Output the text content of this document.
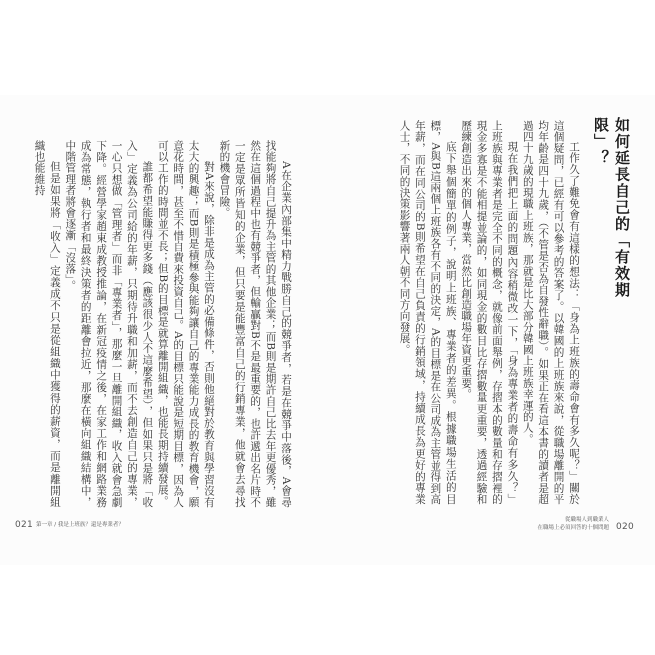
A在企業內部集中精力戰勝自己的競爭者，若是在競爭中落後，A會尋找能夠將自己提升為主管的其他企業；而B則是期許自己比去年更優秀，雖然在這個過程中也有競爭者，但輸贏對B不是最重要的，也許遞出名片時不一定是眾所皆知的企業，但只要是能豐富自己的行銷專業，他就會去尋找新的機會冒險。

對A來說，除非是成為主管的必備條件，否則他絕對於教育與學習沒有太大的興趣；而B則是積極參與能夠讓自己的專業能力成長的教育機會，願意花時間，甚至不惜自費來投資自己。A的目標只能說是短期目標，因為人可以工作的時間並不長；但B的目標是就算離開組織，也能長期持續發展。

誰都希望能賺得更多錢（應該很少人不這麼希望），但如果只是將「收入」定義為公司給的年薪，只期待升職和加薪，而不去創造自己的專業，一心只想做「管理者」而非「專業者」，那麼一旦離開組織，收入就會急劇下降。經營學家趙東成教授推論，在新冠疫情之後，在家工作和網路業務成為常態，執行者和最終決策者的距離會拉近，那麼在橫向組織結構中，中階管理者將會逐漸「沒落」。

但是如果將「收入」定義成不只是從組織中獲得的薪資，而是離開組織也能維持

021 第一章 / 我是上班族？還是專業者？
如何延長自己的「有效期限」？

工作久了難免會有這樣的想法：「身為上班族的壽命會有多久呢？」關於這個疑問，已經有可以參考的答案了。以韓國的上班族來說，從職場離開的平均年齡是四十九歲，（不管是否為自發性辭職）。如果正在看這本書的讀者是超過四十九歲的現職上班族，那就是比大部分韓國上班族幸運的人。

現在我們把上面的問題內容稍微改一下，「身為專業者的壽命有多久？」上班族與專業者是完全不同的概念，就像前面舉例，存摺本的數量和存摺裡的現金多寡是不能相提並論的，如同現金的數目比存摺數量更重要，透過經驗和歷練創造出來的個人專業，當然比創造職場年資更重要。

底下舉個簡單的例子，說明上班族、專業者的差異。根據職場生活的目標，A與B這兩個上班族各有不同的決定，A的目標是在公司成為主管並得到高年薪，而在同公司的B則希望在自己負責的行銷領域，持續成長為更好的專業人士，不同的決策影響著兩人朝不同方向發展。

從職場人到職業人
在職場上必須回答的十個問題 020
